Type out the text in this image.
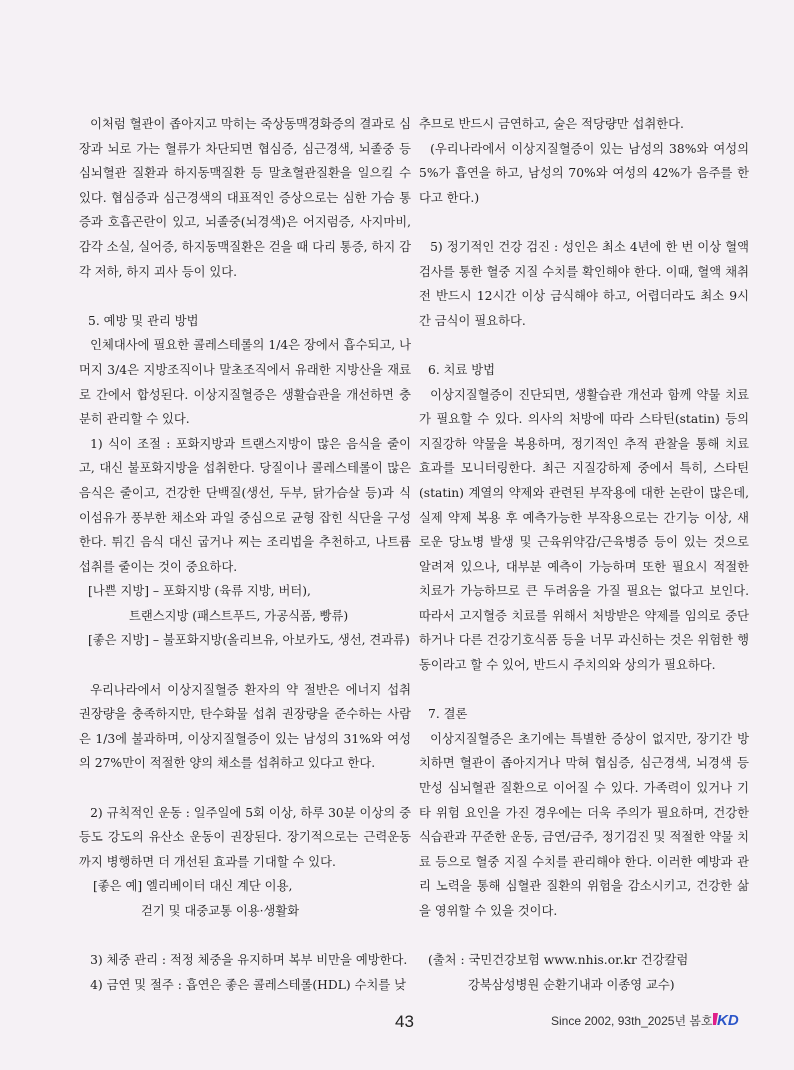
이처럼 혈관이 좁아지고 막히는 죽상동맥경화증의 결과로 심장과 뇌로 가는 혈류가 차단되면 협심증, 심근경색, 뇌졸중 등 심뇌혈관 질환과 하지동맥질환 등 말초혈관질환을 일으킬 수 있다. 협심증과 심근경색의 대표적인 증상으로는 심한 가슴 통증과 호흡곤란이 있고, 뇌졸중(뇌경색)은 어지럼증, 사지마비, 감각 소실, 실어증, 하지동맥질환은 걷을 때 다리 통증, 하지 감각 저하, 하지 괴사 등이 있다.

5. 예방 및 관리 방법

인체대사에 필요한 콜레스테롤의 1/4은 장에서 흡수되고, 나머지 3/4은 지방조직이나 말초조직에서 유래한 지방산을 재료로 간에서 합성된다. 이상지질혈증은 생활습관을 개선하면 충분히 관리할 수 있다.

1) 식이 조절 : 포화지방과 트랜스지방이 많은 음식을 줄이고, 대신 불포화지방을 섭취한다. 당질이나 콜레스테롤이 많은 음식은 줄이고, 건강한 단백질(생선, 두부, 닭가슴살 등)과 식이섬유가 풍부한 채소와 과일 중심으로 균형 잡힌 식단을 구성한다. 튀긴 음식 대신 굽거나 찌는 조리법을 추천하고, 나트륨 섭취를 줄이는 것이 중요하다.

[나쁜 지방] – 포화지방 (육류 지방, 버터),

트랜스지방 (패스트푸드, 가공식품, 빵류)

[좋은 지방] – 불포화지방(올리브유, 아보카도, 생선, 견과류)

우리나라에서 이상지질혈증 환자의 약 절반은 에너지 섭취 권장량을 충족하지만, 탄수화물 섭취 권장량을 준수하는 사람은 1/3에 불과하며, 이상지질혈증이 있는 남성의 31%와 여성의 27%만이 적절한 양의 채소를 섭취하고 있다고 한다.

2) 규칙적인 운동 : 일주일에 5회 이상, 하루 30분 이상의 중등도 강도의 유산소 운동이 권장된다. 장기적으로는 근력운동까지 병행하면 더 개선된 효과를 기대할 수 있다.

[좋은 예] 엘리베이터 대신 계단 이용,

걷기 및 대중교통 이용·생활화

3) 체중 관리 : 적정 체중을 유지하며 복부 비만을 예방한다.

4) 금연 및 절주 : 흡연은 좋은 콜레스테롤(HDL) 수치를 낮

추므로 반드시 금연하고, 술은 적당량만 섭취한다.

(우리나라에서 이상지질혈증이 있는 남성의 38%와 여성의 5%가 흡연을 하고, 남성의 70%와 여성의 42%가 음주를 한다고 한다.)

5) 정기적인 건강 검진 : 성인은 최소 4년에 한 번 이상 혈액검사를 통한 혈중 지질 수치를 확인해야 한다. 이때, 혈액 채취 전 반드시 12시간 이상 금식해야 하고, 어렵더라도 최소 9시간 금식이 필요하다.

6. 치료 방법

이상지질혈증이 진단되면, 생활습관 개선과 함께 약물 치료가 필요할 수 있다. 의사의 처방에 따라 스타틴(statin) 등의 지질강하 약물을 복용하며, 정기적인 추적 관찰을 통해 치료 효과를 모니터링한다. 최근 지질강하제 중에서 특히, 스타틴(statin) 계열의 약제와 관련된 부작용에 대한 논란이 많은데, 실제 약제 복용 후 예측가능한 부작용으로는 간기능 이상, 새로운 당뇨병 발생 및 근육위약감/근육병증 등이 있는 것으로 알려져 있으나, 대부분 예측이 가능하며 또한 필요시 적절한 치료가 가능하므로 큰 두려움을 가질 필요는 없다고 보인다. 따라서 고지혈증 치료를 위해서 처방받은 약제를 임의로 중단하거나 다른 건강기호식품 등을 너무 과신하는 것은 위험한 행동이라고 할 수 있어, 반드시 주치의와 상의가 필요하다.

7. 결론

이상지질혈증은 초기에는 특별한 증상이 없지만, 장기간 방치하면 혈관이 좁아지거나 막혀 협심증, 심근경색, 뇌경색 등 만성 심뇌혈관 질환으로 이어질 수 있다. 가족력이 있거나 기타 위험 요인을 가진 경우에는 더욱 주의가 필요하며, 건강한 식습관과 꾸준한 운동, 금연/금주, 정기검진 및 적절한 약물 치료 등으로 혈중 지질 수치를 관리해야 한다. 이러한 예방과 관리 노력을 통해 심혈관 질환의 위험을 감소시키고, 건강한 삶을 영위할 수 있을 것이다.

(출처 : 국민건강보험 www.nhis.or.kr 건강칼럼

강북삼성병원 순환기내과 이종영 교수)

43	Since 2002, 93th_2025년 봄호 KD
